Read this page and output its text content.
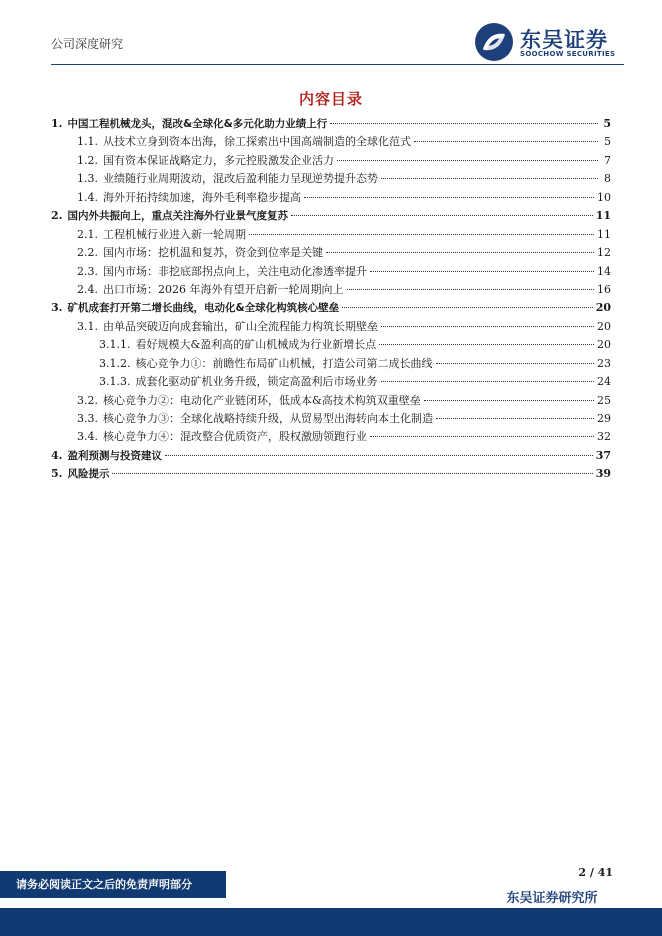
公司深度研究	东吴证券
SOOCHOW SECURITIES
内容目录
1. 中国工程机械龙头，混改&全球化&多元化助力业绩上行	5
1.1. 从技术立身到资本出海，徐工探索出中国高端制造的全球化范式	5
1.2. 国有资本保证战略定力，多元控股激发企业活力	7
1.3. 业绩随行业周期波动，混改后盈利能力呈现逆势提升态势	8
1.4. 海外开拓持续加速，海外毛利率稳步提高	10
2. 国内外共振向上，重点关注海外行业景气度复苏	11
2.1. 工程机械行业进入新一轮周期	11
2.2. 国内市场：挖机温和复苏，资金到位率是关键	12
2.3. 国内市场：非挖底部拐点向上，关注电动化渗透率提升	14
2.4. 出口市场：2026 年海外有望开启新一轮周期向上	16
3. 矿机成套打开第二增长曲线，电动化&全球化构筑核心壁垒	20
3.1. 由单品突破迈向成套输出，矿山全流程能力构筑长期壁垒	20
3.1.1. 看好规模大&盈利高的矿山机械成为行业新增长点	20
3.1.2. 核心竞争力①：前瞻性布局矿山机械，打造公司第二成长曲线	23
3.1.3. 成套化驱动矿机业务升级，锁定高盈利后市场业务	24
3.2. 核心竞争力②：电动化产业链闭环，低成本&高技术构筑双重壁垒	25
3.3. 核心竞争力③：全球化战略持续升级，从贸易型出海转向本土化制造	29
3.4. 核心竞争力④：混改整合优质资产，股权激励领跑行业	32
4. 盈利预测与投资建议	37
5. 风险提示	39
2 / 41
东吴证券研究所
请务必阅读正文之后的免责声明部分
